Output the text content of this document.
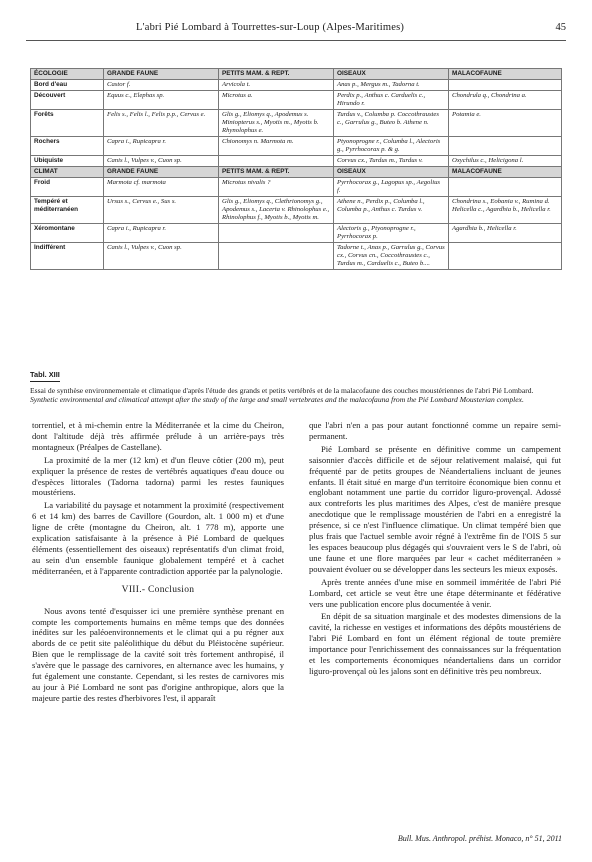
L'abri Pié Lombard à Tourrettes-sur-Loup (Alpes-Maritimes)	45
ÉCOLOGIE	GRANDE FAUNE	PETITS MAM. & REPT.	OISEAUX	MALACOFAUNE
Bord d'eau	Castor f.	Arvicola t.	Anas p., Mergus m., Tadorna t.	
Découvert	Equus c., Elephas sp.	Microtus a.	Perdix p., Anthus c. Carduelis c., Hirundo r.	Chondrula q., Chondrina a.
Forêts	Felis s., Felis l., Felis p.p., Cervus e.	Glis g., Eliomys q., Apodemus s. Miniopterus s., Myotis m., Myotis b. Rhynolophus e.	Turdus v., Columba p. Coccothraustes c., Garrulus g., Buteo b. Athene n.	Potamia e.
Rochers	Capra i., Rupicapra r.	Chionomys n. Marmota m.	Ptyonoprogne r., Columba l., Alectoris g., Pyrrhocorax p. & g.	
Ubiquiste	Canis l., Vulpes v., Cuon sp.		Corvus cx., Turdus m., Turdus v.	Oxychilus c., Helicigona l.
CLIMAT	GRANDE FAUNE	PETITS MAM. & REPT.	OISEAUX	MALACOFAUNE
Froid	Marmota cf. marmota	Microtus nivalis ?	Pyrrhocorax g., Lagopus sp., Aegolius f.	
Tempéré et méditerranéen	Ursus s., Cervus e., Sus s.	Glis g., Eliomys q., Clethrionomys g., Apodemus s., Lacerta v. Rhinolophus e., Rhinolophus f., Myotis b., Myotis m.	Athene n., Perdix p., Columba l., Columba p., Anthus c. Turdus v.	Chondrina s., Eobania v., Rumina d. Helicella c., Agardhia b., Helicella r.
Xéromontane	Capra i., Rupicapra r.		Alectoris g., Ptyonoprogne r., Pyrrhocorax p.	Agardhia b., Helicella r.
Indifférent	Canis l., Vulpes v., Cuon sp.		Tadorne t., Anas p., Garrulus g., Corvus cx., Corvus cn., Coccothraustes c., Turdus m., Carduelis c., Buteo b....	
Tabl. XIII
Essai de synthèse environnementale et climatique d'après l'étude des grands et petits vertébrés et de la malacofaune des couches moustériennes de l'abri Pié Lombard.
Synthetic environmental and climatical attempt after the study of the large and small vertebrates and the malacofauna from the Pié Lombard Mousterian complex.

torrentiel, et à mi-chemin entre la Méditerranée et la cime du Cheiron, dont l'altitude déjà très affirmée prélude à un arrière-pays très montagneux (Préalpes de Castellane).

La proximité de la mer (12 km) et d'un fleuve côtier (200 m), peut expliquer la présence de restes de vertébrés aquatiques d'eau douce ou d'espèces littorales (Tadorna tadorna) parmi les restes fauniques moustériens.

La variabilité du paysage et notamment la proximité (respectivement 6 et 14 km) des barres de Cavillore (Gourdon, alt. 1 000 m) et d'une ligne de crête (montagne du Cheiron, alt. 1 778 m), apporte une explication satisfaisante à la présence à Pié Lombard de quelques éléments (essentiellement des oiseaux) représentatifs d'un climat froid, au sein d'un ensemble faunique globalement tempéré et à cachet méditerranéen, et à l'apparente contradiction apportée par la palynologie.

VIII.- Conclusion

Nous avons tenté d'esquisser ici une première synthèse prenant en compte les comportements humains en même temps que des données inédites sur les paléoenvironnements et le climat qui a pu régner aux abords de ce petit site paléolithique du début du Pléistocène supérieur. Bien que le remplissage de la cavité soit très fortement anthropisé, il s'avère que le passage des carnivores, en alternance avec les humains, y fut également une constante. Cependant, si les restes de carnivores mis au jour à Pié Lombard ne sont pas d'origine anthropique, alors que la majeure partie des restes d'herbivores l'est, il apparaît

que l'abri n'en a pas pour autant fonctionné comme un repaire semi-permanent.

Pié Lombard se présente en définitive comme un campement saisonnier d'accès difficile et de séjour relativement malaisé, qui fut fréquenté par de petits groupes de Néandertaliens incluant de jeunes enfants. Il était situé en marge d'un territoire économique bien connu et englobant notamment une partie du corridor liguro-provençal. Adossé aux contreforts les plus maritimes des Alpes, c'est de manière presque anecdotique que le remplissage moustérien de l'abri en a enregistré la présence, si ce n'est l'influence climatique. Un climat tempéré bien que plus frais que l'actuel semble avoir régné à l'extrême fin de l'OIS 5 sur les espaces beaucoup plus dégagés qui s'ouvraient vers le S de l'abri, où une faune et une flore marquées par leur « cachet méditerranéen » pouvaient évoluer ou se développer dans les secteurs les mieux exposés.

Après trente années d'une mise en sommeil imméritée de l'abri Pié Lombard, cet article se veut être une étape déterminante et fédérative vers une publication encore plus documentée à venir.

En dépit de sa situation marginale et des modestes dimensions de la cavité, la richesse en vestiges et informations des dépôts moustériens de l'abri Pié Lombard en font un élément régional de toute première importance pour l'enrichissement des connaissances sur la fréquentation et les comportements économiques néandertaliens dans un corridor liguro-provençal où les jalons sont en définitive très peu nombreux.

Bull. Mus. Anthropol. préhist. Monaco, n° 51, 2011
